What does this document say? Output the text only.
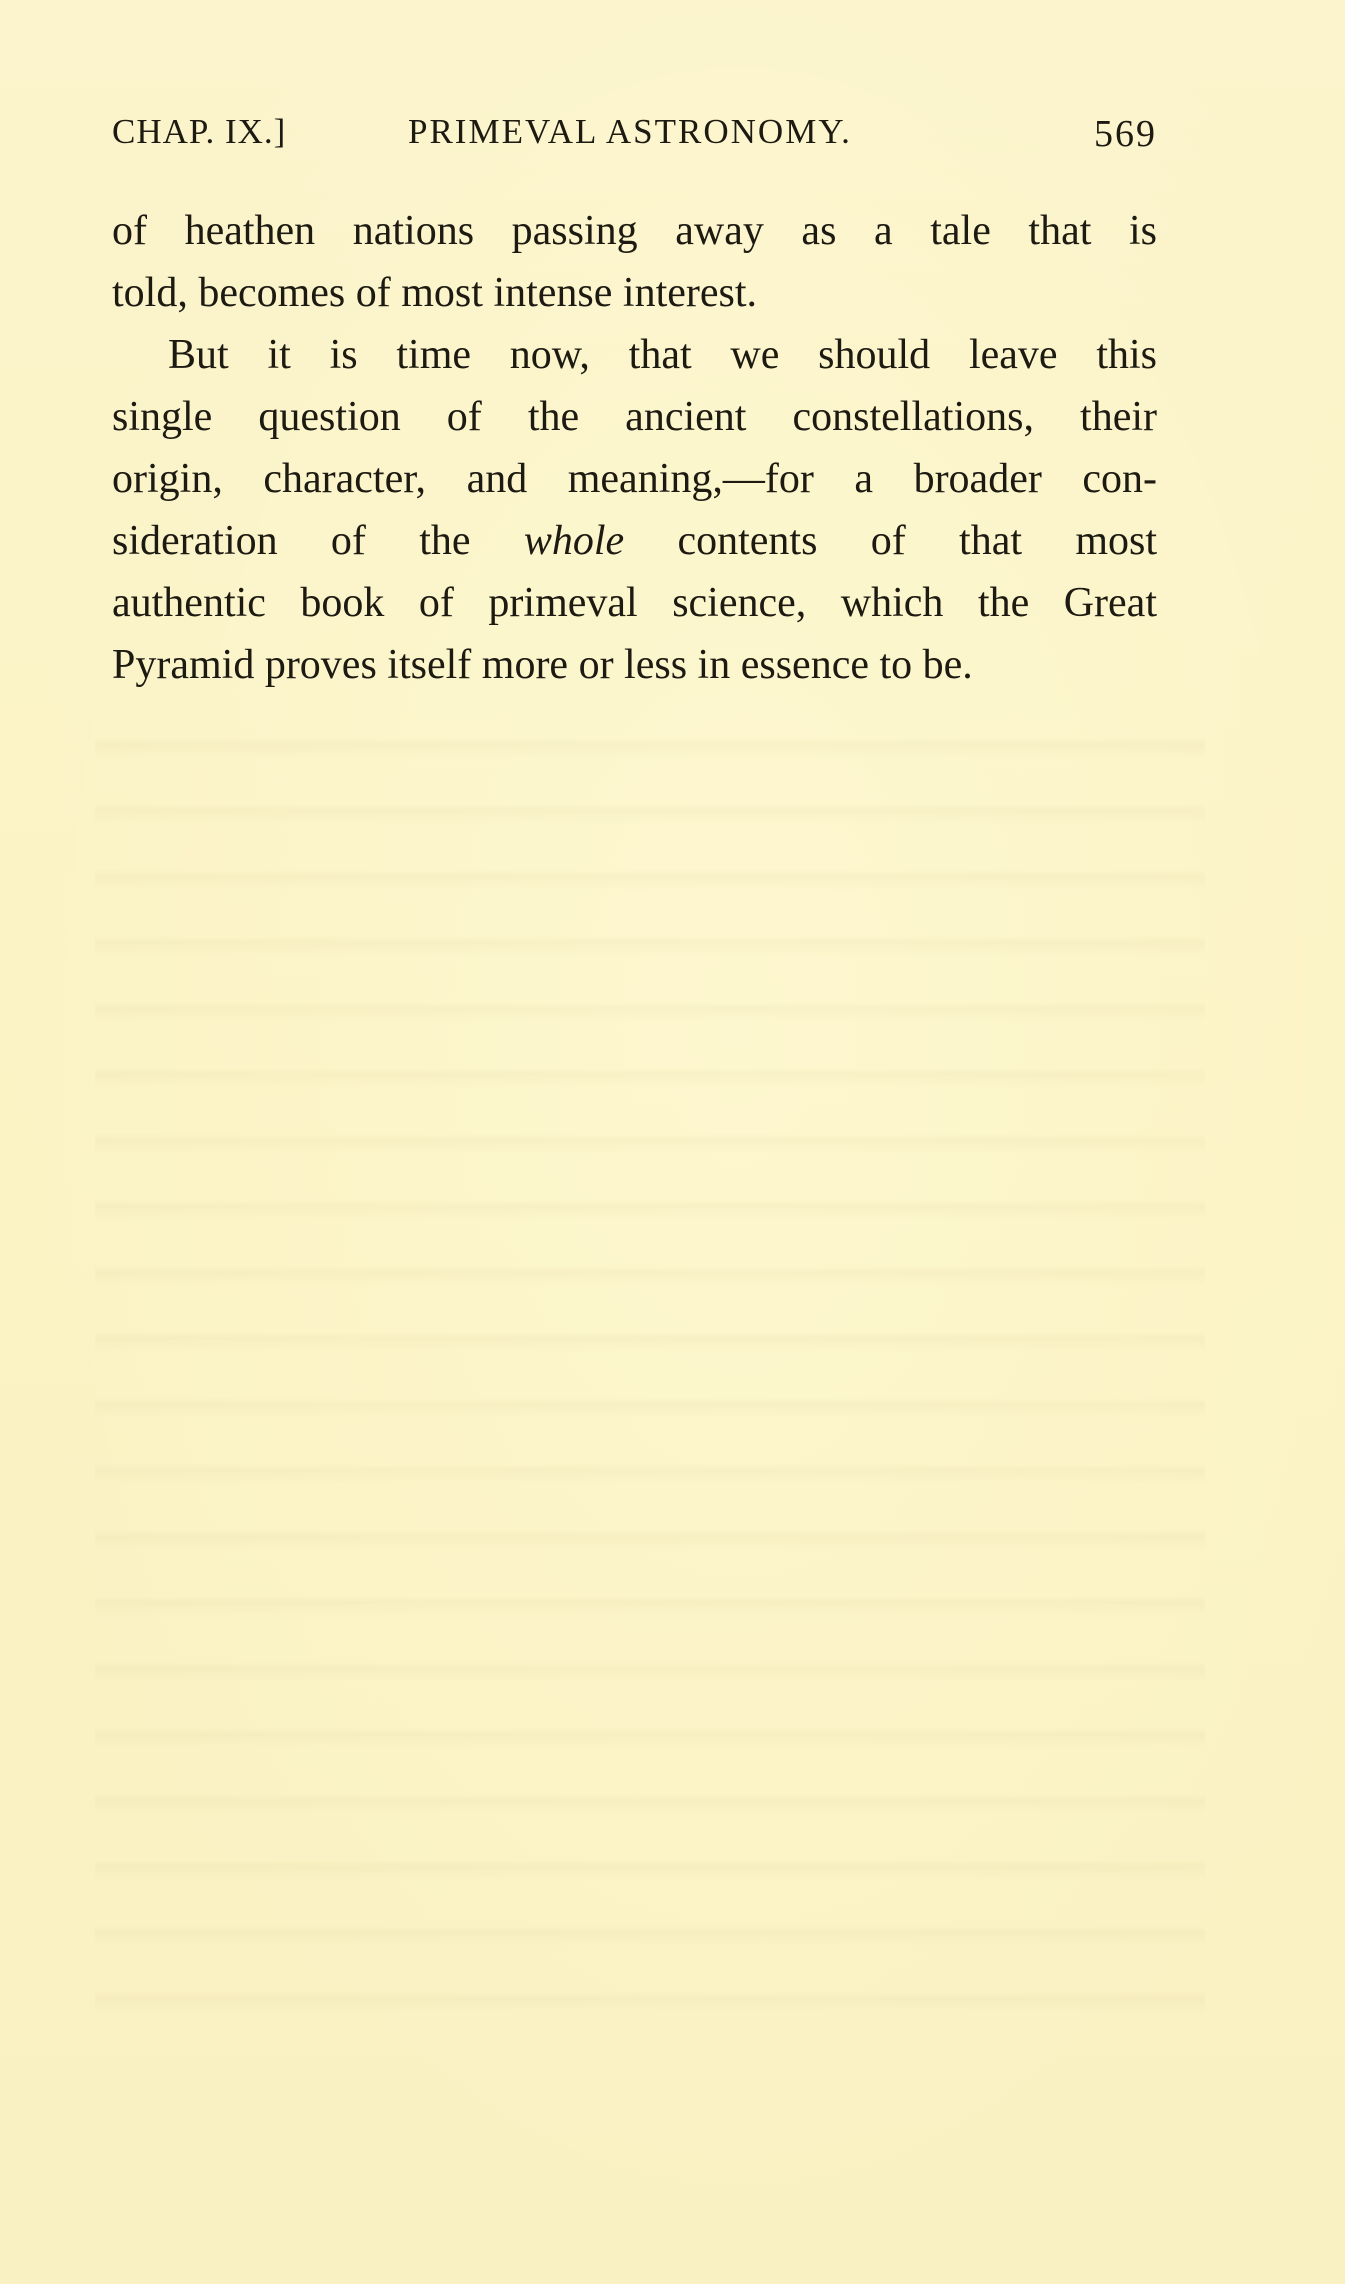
CHAP. IX.]	PRIMEVAL ASTRONOMY.	569
of heathen nations passing away as a tale that is
told, becomes of most intense interest.
But it is time now, that we should leave this
single question of the ancient constellations, their
origin, character, and meaning,—for a broader con-
sideration of the whole contents of that most
authentic book of primeval science, which the Great
Pyramid proves itself more or less in essence to be.
